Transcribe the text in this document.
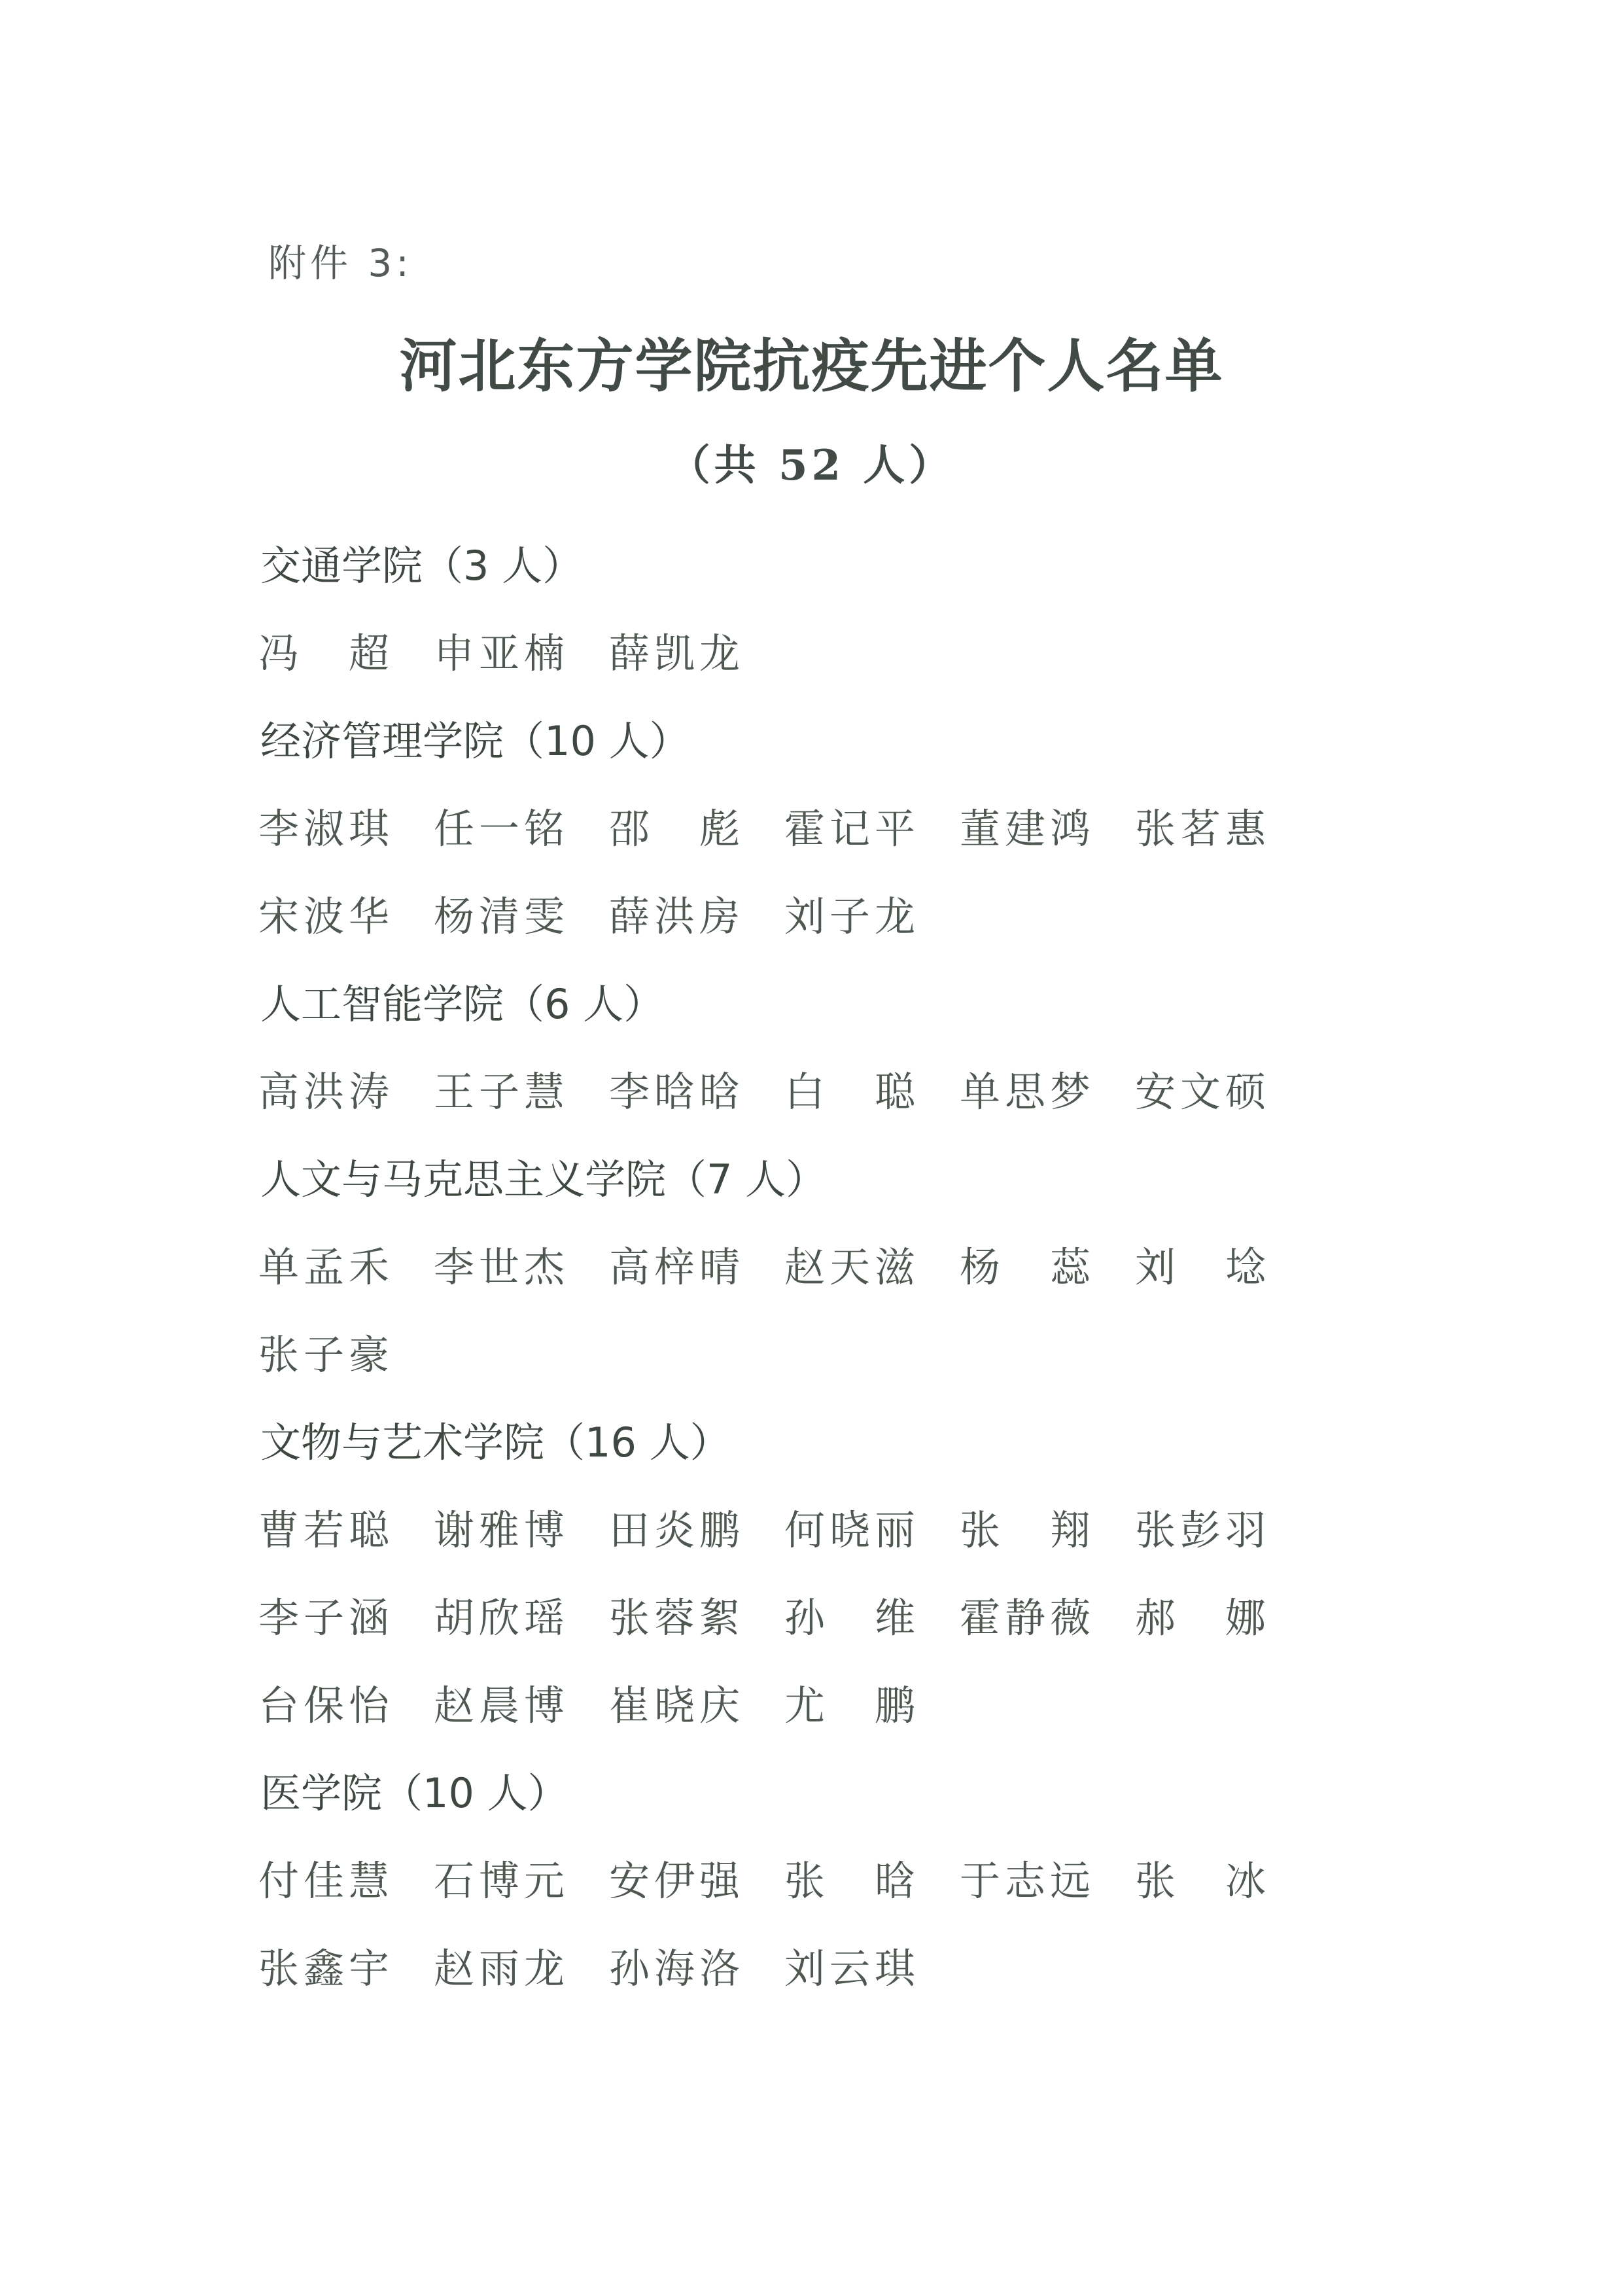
附件 3:
河北东方学院抗疫先进个人名单
（共 52 人）
交通学院（3 人）
冯 超 申 亚 楠 薛 凯 龙
经济管理学院（10 人）
李 淑 琪 任 一 铭 邵 彪 霍 记 平 董 建 鸿 张 茗 惠
宋 波 华 杨 清 雯 薛 洪 房 刘 子 龙
人工智能学院（6 人）
高 洪 涛 王 子 慧 李 晗 晗 白 聪 单 思 梦 安 文 硕
人文与马克思主义学院（7 人）
单 孟 禾 李 世 杰 高 梓 晴 赵 天 滋 杨 蕊 刘 埝
张 子 豪
文物与艺术学院（16 人）
曹 若 聪 谢 雅 博 田 炎 鹏 何 晓 丽 张 翔 张 彭 羽
李 子 涵 胡 欣 瑶 张 蓉 絮 孙 维 霍 静 薇 郝 娜
台 保 怡 赵 晨 博 崔 晓 庆 尤 鹏
医学院（10 人）
付 佳 慧 石 博 元 安 伊 强 张 晗 于 志 远 张 冰
张 鑫 宇 赵 雨 龙 孙 海 洛 刘 云 琪
